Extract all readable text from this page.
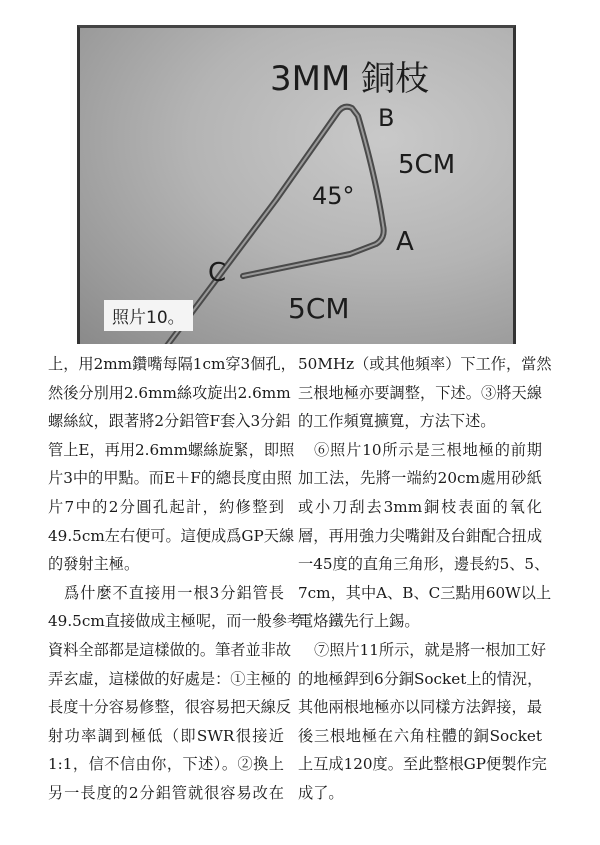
3MM 銅枝
B
5CM
45°
A
C
5CM
照片10。
上，用2mm鑽嘴每隔1cm穿3個孔，
然後分別用2.6mm絲攻旋出2.6mm
螺絲紋，跟著將2分鋁管F套入3分鋁
管上E，再用2.6mm螺絲旋緊，即照
片3中的甲點。而E＋F的總長度由照
片7中的2分圓孔起計，約修整到
49.5cm左右便可。這便成爲GP天線
的發射主極。
爲什麼不直接用一根3分鋁管長
49.5cm直接做成主極呢，而一般參考
資料全部都是這樣做的。筆者並非故
弄玄虛，這樣做的好處是：①主極的
長度十分容易修整，很容易把天線反
射功率調到極低（即SWR很接近
1:1，信不信由你，下述）。②換上
另一長度的2分鋁管就很容易改在
50MHz（或其他頻率）下工作，當然
三根地極亦要調整，下述。③將天線
的工作頻寬擴寬，方法下述。
⑥照片10所示是三根地極的前期
加工法，先將一端約20cm處用砂紙
或小刀刮去3mm銅枝表面的氧化
層，再用強力尖嘴鉗及台鉗配合扭成
一45度的直角三角形，邊長約5、5、
7cm，其中A、B、C三點用60W以上
電烙鐵先行上錫。
⑦照片11所示，就是將一根加工好
的地極銲到6分銅Socket上的情況，
其他兩根地極亦以同樣方法銲接，最
後三根地極在六角柱體的銅Socket
上互成120度。至此整根GP便製作完
成了。
